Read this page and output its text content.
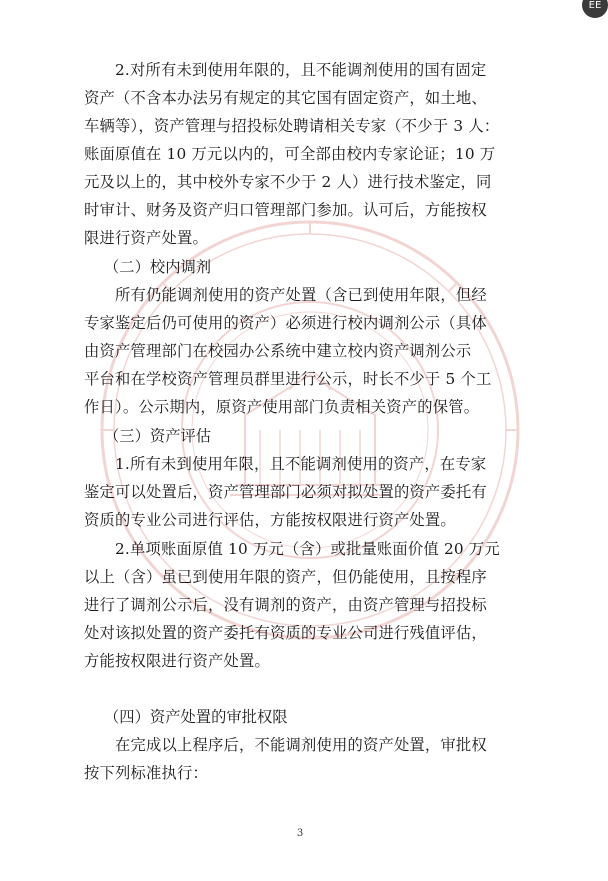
　　2.对所有未到使用年限的，且不能调剂使用的国有固定
资产（不含本办法另有规定的其它国有固定资产，如土地、
车辆等），资产管理与招投标处聘请相关专家（不少于 3 人：
账面原值在 10 万元以内的，可全部由校内专家论证；10 万
元及以上的，其中校外专家不少于 2 人）进行技术鉴定，同
时审计、财务及资产归口管理部门参加。认可后，方能按权
限进行资产处置。

（二）校内调剂

　　所有仍能调剂使用的资产处置（含已到使用年限，但经
专家鉴定后仍可使用的资产）必须进行校内调剂公示（具体
由资产管理部门在校园办公系统中建立校内资产调剂公示
平台和在学校资产管理员群里进行公示，时长不少于 5 个工
作日）。公示期内，原资产使用部门负责相关资产的保管。

（三）资产评估

　　1.所有未到使用年限，且不能调剂使用的资产，在专家
鉴定可以处置后，资产管理部门必须对拟处置的资产委托有
资质的专业公司进行评估，方能按权限进行资产处置。

　　2.单项账面原值 10 万元（含）或批量账面价值 20 万元
以上（含）虽已到使用年限的资产，但仍能使用，且按程序
进行了调剂公示后，没有调剂的资产，由资产管理与招投标
处对该拟处置的资产委托有资质的专业公司进行残值评估，
方能按权限进行资产处置。

（四）资产处置的审批权限

　　在完成以上程序后，不能调剂使用的资产处置，审批权
按下列标准执行：

3
EE
